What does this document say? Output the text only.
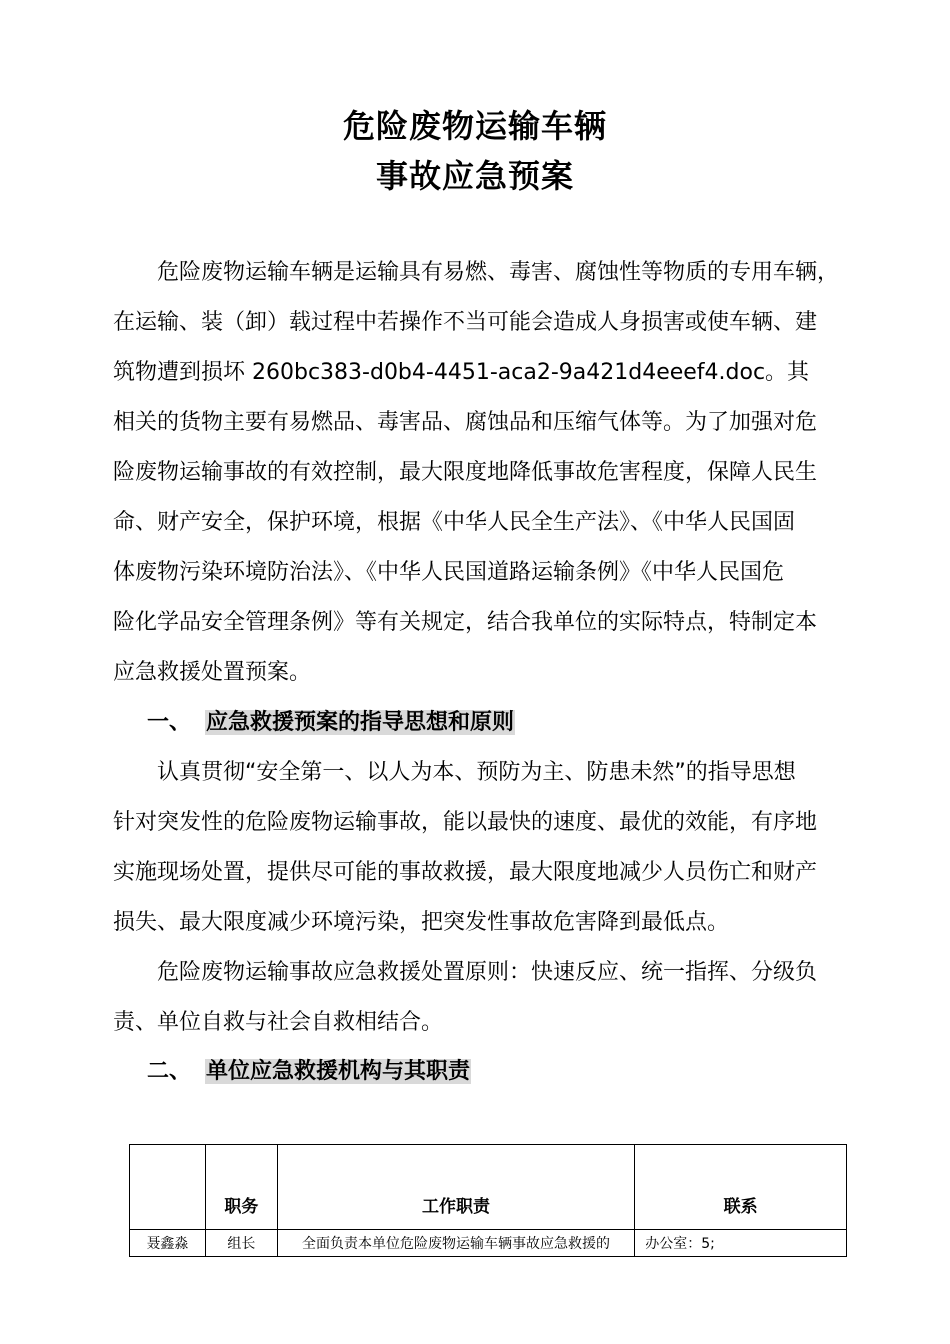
危险废物运输车辆
事故应急预案
危险废物运输车辆是运输具有易燃、毒害、腐蚀性等物质的专用车辆，
在运输、装（卸）载过程中若操作不当可能会造成人身损害或使车辆、建
筑物遭到损坏 260bc383-d0b4-4451-aca2-9a421d4eeef4.doc。其
相关的货物主要有易燃品、毒害品、腐蚀品和压缩气体等。为了加强对危
险废物运输事故的有效控制，最大限度地降低事故危害程度，保障人民生
命、财产安全，保护环境，根据《中华人民全生产法》、《中华人民国固
体废物污染环境防治法》、《中华人民国道路运输条例》《中华人民国危
险化学品安全管理条例》等有关规定，结合我单位的实际特点，特制定本
应急救援处置预案。
一、 应急救援预案的指导思想和原则
认真贯彻“安全第一、以人为本、预防为主、防患未然”的指导思想
针对突发性的危险废物运输事故，能以最快的速度、最优的效能，有序地
实施现场处置，提供尽可能的事故救援，最大限度地减少人员伤亡和财产
损失、最大限度减少环境污染，把突发性事故危害降到最低点。
危险废物运输事故应急救援处置原则：快速反应、统一指挥、分级负
责、单位自救与社会自救相结合。
二、 单位应急救援机构与其职责
	职务	工作职责	联系
聂鑫淼	组长	全面负责本单位危险废物运输车辆事故应急救援的	办公室：5;
